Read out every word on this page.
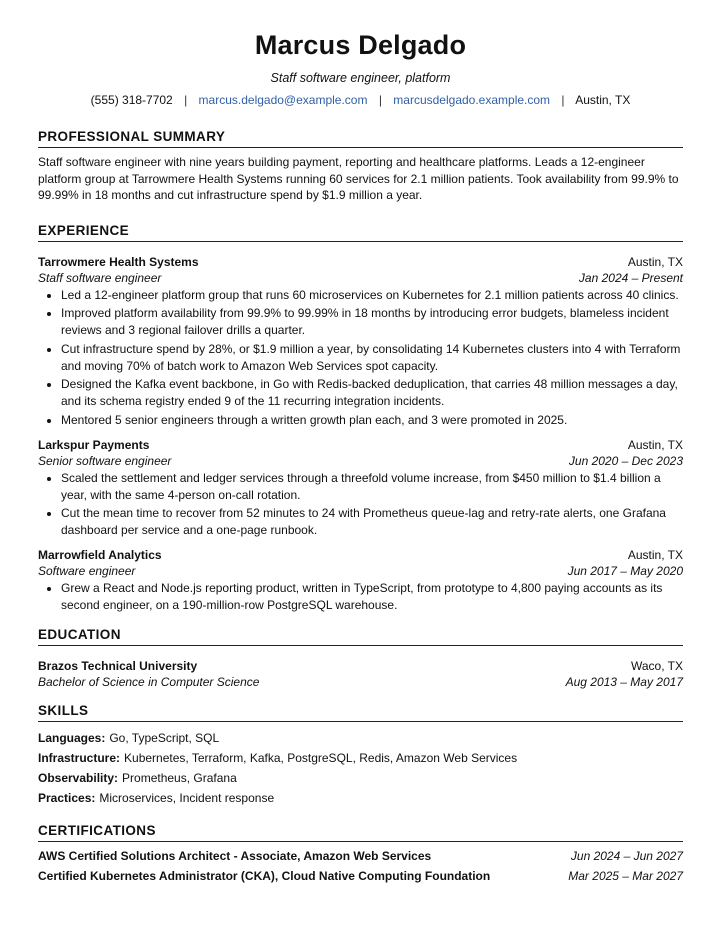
Marcus Delgado
Staff software engineer, platform
(555) 318-7702 | marcus.delgado@example.com | marcusdelgado.example.com | Austin, TX
PROFESSIONAL SUMMARY
Staff software engineer with nine years building payment, reporting and healthcare platforms. Leads a 12-engineer platform group at Tarrowmere Health Systems running 60 services for 2.1 million patients. Took availability from 99.9% to 99.99% in 18 months and cut infrastructure spend by $1.9 million a year.
EXPERIENCE
Tarrowmere Health Systems	Austin, TX
Staff software engineer	Jan 2024 – Present
• Led a 12-engineer platform group that runs 60 microservices on Kubernetes for 2.1 million patients across 40 clinics.
• Improved platform availability from 99.9% to 99.99% in 18 months by introducing error budgets, blameless incident reviews and 3 regional failover drills a quarter.
• Cut infrastructure spend by 28%, or $1.9 million a year, by consolidating 14 Kubernetes clusters into 4 with Terraform and moving 70% of batch work to Amazon Web Services spot capacity.
• Designed the Kafka event backbone, in Go with Redis-backed deduplication, that carries 48 million messages a day, and its schema registry ended 9 of the 11 recurring integration incidents.
• Mentored 5 senior engineers through a written growth plan each, and 3 were promoted in 2025.
Larkspur Payments	Austin, TX
Senior software engineer	Jun 2020 – Dec 2023
• Scaled the settlement and ledger services through a threefold volume increase, from $450 million to $1.4 billion a year, with the same 4-person on-call rotation.
• Cut the mean time to recover from 52 minutes to 24 with Prometheus queue-lag and retry-rate alerts, one Grafana dashboard per service and a one-page runbook.
Marrowfield Analytics	Austin, TX
Software engineer	Jun 2017 – May 2020
• Grew a React and Node.js reporting product, written in TypeScript, from prototype to 4,800 paying accounts as its second engineer, on a 190-million-row PostgreSQL warehouse.
EDUCATION
Brazos Technical University	Waco, TX
Bachelor of Science in Computer Science	Aug 2013 – May 2017
SKILLS
Languages: Go, TypeScript, SQL
Infrastructure: Kubernetes, Terraform, Kafka, PostgreSQL, Redis, Amazon Web Services
Observability: Prometheus, Grafana
Practices: Microservices, Incident response
CERTIFICATIONS
AWS Certified Solutions Architect - Associate, Amazon Web Services	Jun 2024 – Jun 2027
Certified Kubernetes Administrator (CKA), Cloud Native Computing Foundation	Mar 2025 – Mar 2027
